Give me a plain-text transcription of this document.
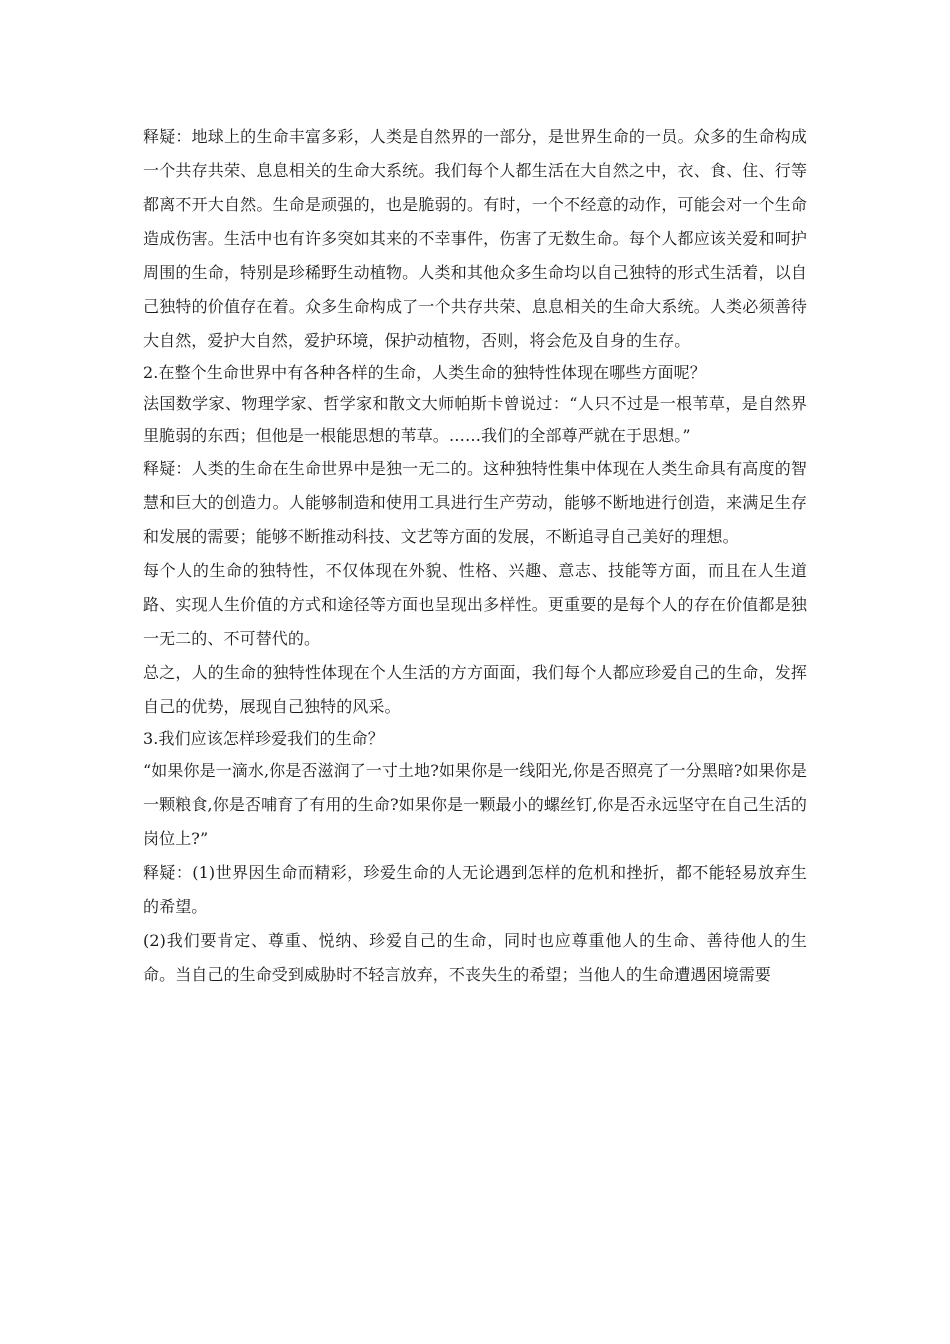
释疑：地球上的生命丰富多彩，人类是自然界的一部分，是世界生命的一员。众多的生命构成一个共存共荣、息息相关的生命大系统。我们每个人都生活在大自然之中，衣、食、住、行等都离不开大自然。生命是顽强的，也是脆弱的。有时，一个不经意的动作，可能会对一个生命造成伤害。生活中也有许多突如其来的不幸事件，伤害了无数生命。每个人都应该关爱和呵护周围的生命，特别是珍稀野生动植物。人类和其他众多生命均以自己独特的形式生活着，以自己独特的价值存在着。众多生命构成了一个共存共荣、息息相关的生命大系统。人类必须善待大自然，爱护大自然，爱护环境，保护动植物，否则，将会危及自身的生存。

2.在整个生命世界中有各种各样的生命，人类生命的独特性体现在哪些方面呢？

法国数学家、物理学家、哲学家和散文大师帕斯卡曾说过：“人只不过是一根苇草，是自然界里脆弱的东西；但他是一根能思想的苇草。……我们的全部尊严就在于思想。”

释疑：人类的生命在生命世界中是独一无二的。这种独特性集中体现在人类生命具有高度的智慧和巨大的创造力。人能够制造和使用工具进行生产劳动，能够不断地进行创造，来满足生存和发展的需要；能够不断推动科技、文艺等方面的发展，不断追寻自己美好的理想。

每个人的生命的独特性，不仅体现在外貌、性格、兴趣、意志、技能等方面，而且在人生道路、实现人生价值的方式和途径等方面也呈现出多样性。更重要的是每个人的存在价值都是独一无二的、不可替代的。

总之，人的生命的独特性体现在个人生活的方方面面，我们每个人都应珍爱自己的生命，发挥自己的优势，展现自己独特的风采。

3.我们应该怎样珍爱我们的生命？

“如果你是一滴水,你是否滋润了一寸土地?如果你是一线阳光,你是否照亮了一分黑暗?如果你是一颗粮食,你是否哺育了有用的生命?如果你是一颗最小的螺丝钉,你是否永远坚守在自己生活的岗位上?”

释疑：(1)世界因生命而精彩，珍爱生命的人无论遇到怎样的危机和挫折，都不能轻易放弃生的希望。

(2)我们要肯定、尊重、悦纳、珍爱自己的生命，同时也应尊重他人的生命、善待他人的生命。当自己的生命受到威胁时不轻言放弃，不丧失生的希望；当他人的生命遭遇困境需要
